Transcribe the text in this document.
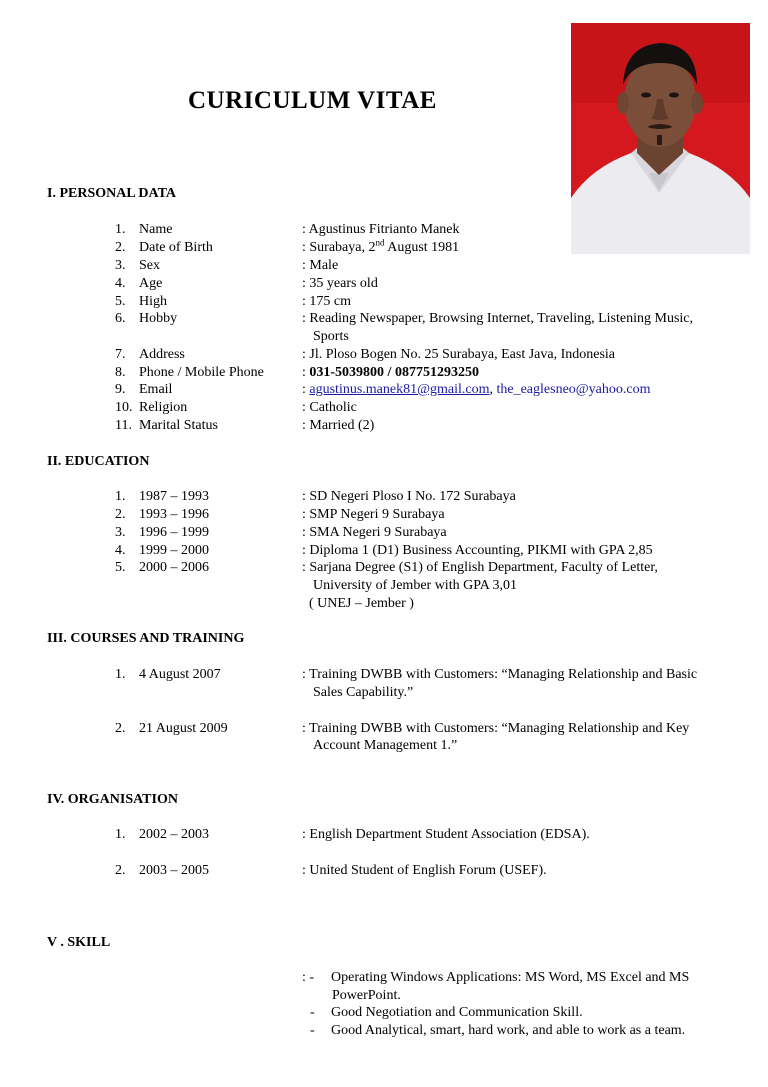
CURICULUM VITAE
I. PERSONAL DATA
1. Name	: Agustinus Fitrianto Manek
2. Date of Birth	: Surabaya, 2nd August 1981
3. Sex	: Male
4. Age	: 35 years old
5. High	: 175 cm
6. Hobby	: Reading Newspaper, Browsing Internet, Traveling, Listening Music,
Sports
7. Address	: Jl. Ploso Bogen No. 25 Surabaya, East Java, Indonesia
8. Phone / Mobile Phone	: 031-5039800 / 087751293250
9. Email	: agustinus.manek81@gmail.com, the_eaglesneo@yahoo.com
10. Religion	: Catholic
11. Marital Status	: Married (2)
II. EDUCATION
1. 1987 – 1993	: SD Negeri Ploso I No. 172 Surabaya
2. 1993 – 1996	: SMP Negeri 9 Surabaya
3. 1996 – 1999	: SMA Negeri 9 Surabaya
4. 1999 – 2000	: Diploma 1 (D1) Business Accounting, PIKMI with GPA 2,85
5. 2000 – 2006	: Sarjana Degree (S1) of English Department, Faculty of Letter,
University of Jember with GPA 3,01
( UNEJ – Jember )
III. COURSES AND TRAINING
1. 4 August 2007	: Training DWBB with Customers: “Managing Relationship and Basic
Sales Capability.”
2. 21 August 2009	: Training DWBB with Customers: “Managing Relationship and Key
Account Management 1.”
IV. ORGANISATION
1. 2002 – 2003	: English Department Student Association (EDSA).
2. 2003 – 2005	: United Student of English Forum (USEF).
V . SKILL
: - Operating Windows Applications: MS Word, MS Excel and MS
PowerPoint.
- Good Negotiation and Communication Skill.
- Good Analytical, smart, hard work, and able to work as a team.
